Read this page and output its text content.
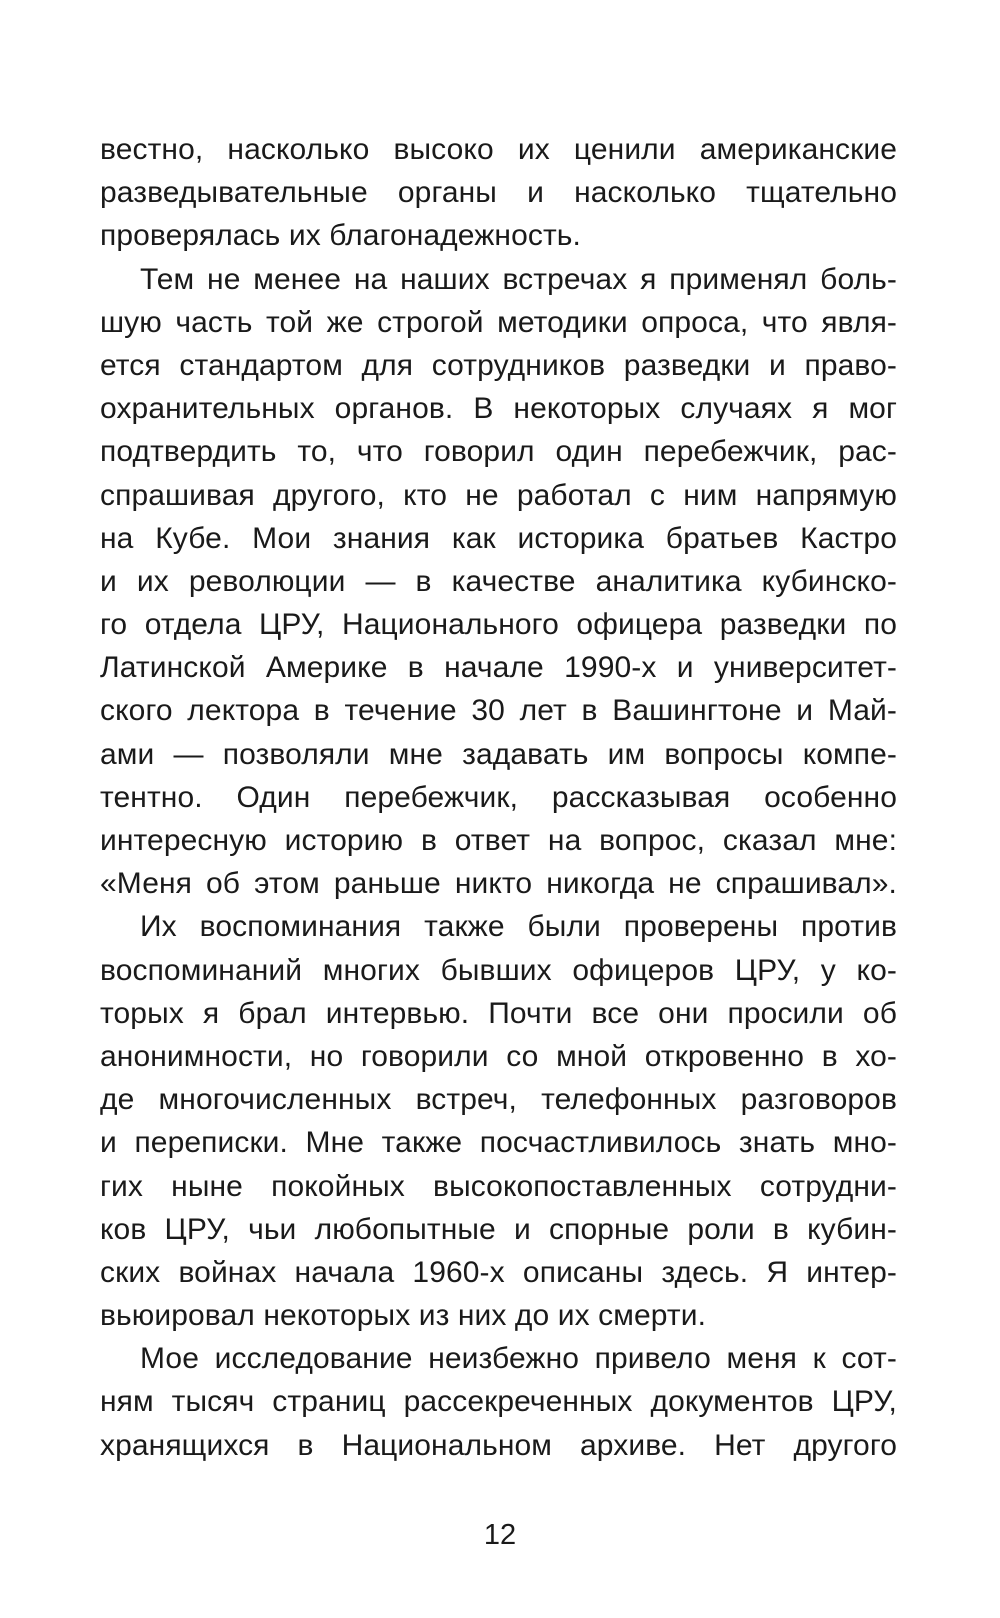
вестно, насколько высоко их ценили американские
разведывательные органы и насколько тщательно
проверялась их благонадежность.
Тем не менее на наших встречах я применял боль-
шую часть той же строгой методики опроса, что явля-
ется стандартом для сотрудников разведки и право-
охранительных органов. В некоторых случаях я мог
подтвердить то, что говорил один перебежчик, рас-
спрашивая другого, кто не работал с ним напрямую
на Кубе. Мои знания как историка братьев Кастро
и их революции — в качестве аналитика кубинско-
го отдела ЦРУ, Национального офицера разведки по
Латинской Америке в начале 1990-х и университет-
ского лектора в течение 30 лет в Вашингтоне и Май-
ами — позволяли мне задавать им вопросы компе-
тентно. Один перебежчик, рассказывая особенно
интересную историю в ответ на вопрос, сказал мне:
«Меня об этом раньше никто никогда не спрашивал».
Их воспоминания также были проверены против
воспоминаний многих бывших офицеров ЦРУ, у ко-
торых я брал интервью. Почти все они просили об
анонимности, но говорили со мной откровенно в хо-
де многочисленных встреч, телефонных разговоров
и переписки. Мне также посчастливилось знать мно-
гих ныне покойных высокопоставленных сотрудни-
ков ЦРУ, чьи любопытные и спорные роли в кубин-
ских войнах начала 1960-х описаны здесь. Я интер-
вьюировал некоторых из них до их смерти.
Мое исследование неизбежно привело меня к сот-
ням тысяч страниц рассекреченных документов ЦРУ,
хранящихся в Национальном архиве. Нет другого
12
